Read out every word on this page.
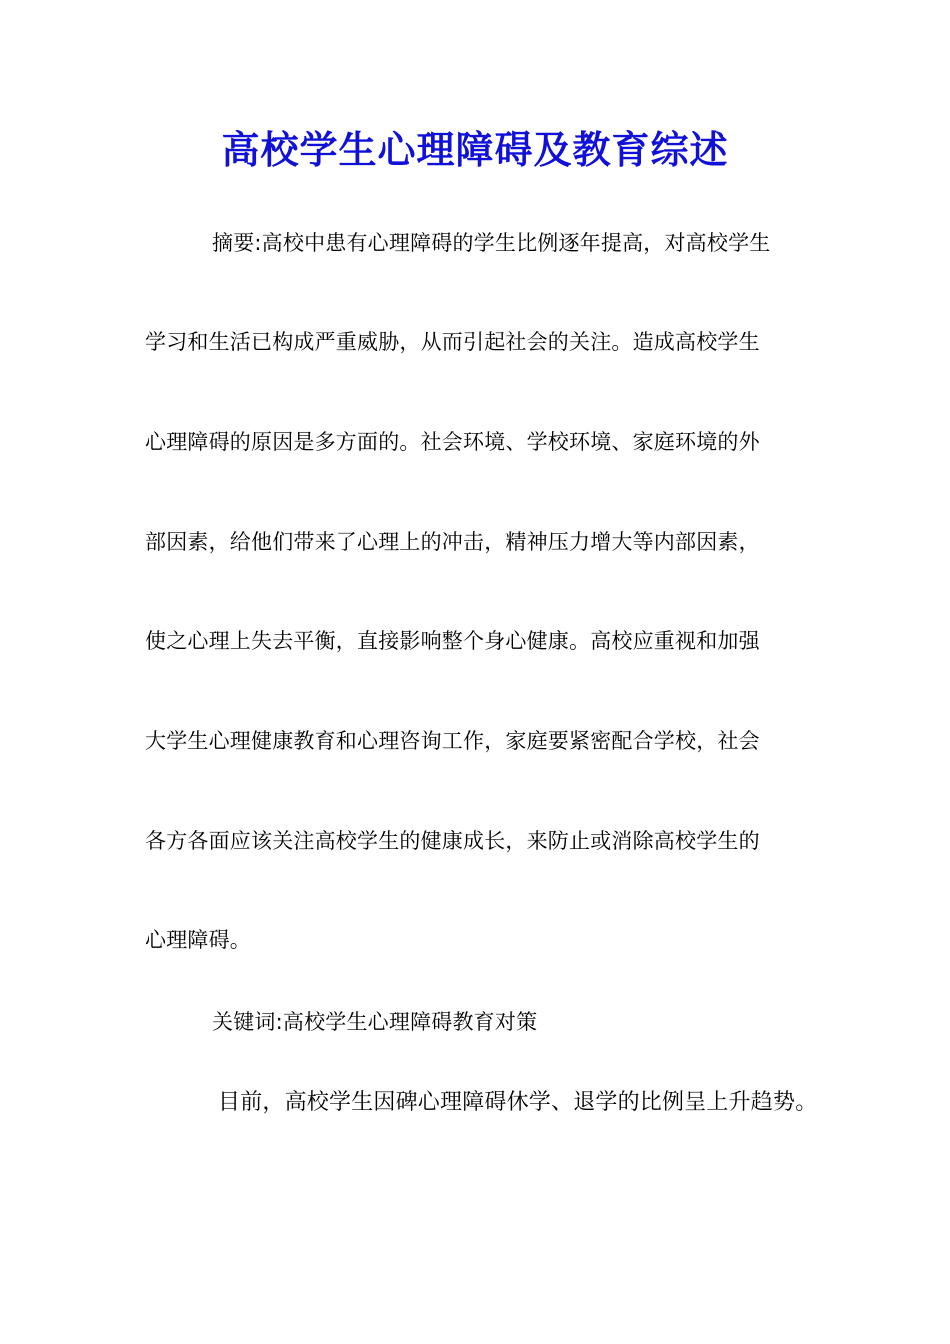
高校学生心理障碍及教育综述
摘要:高校中患有心理障碍的学生比例逐年提高，对高校学生
学习和生活已构成严重威胁，从而引起社会的关注。造成高校学生
心理障碍的原因是多方面的。社会环境、学校环境、家庭环境的外
部因素，给他们带来了心理上的冲击，精神压力增大等内部因素，
使之心理上失去平衡，直接影响整个身心健康。高校应重视和加强
大学生心理健康教育和心理咨询工作，家庭要紧密配合学校，社会
各方各面应该关注高校学生的健康成长，来防止或消除高校学生的
心理障碍。
关键词:高校学生心理障碍教育对策
目前，高校学生因碑心理障碍休学、退学的比例呈上升趋势。
